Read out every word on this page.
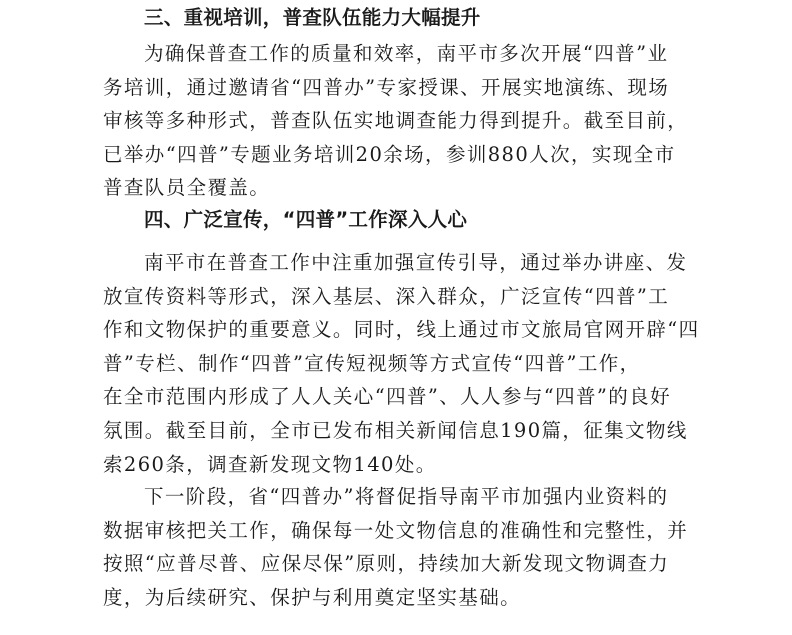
三、重视培训，普查队伍能力大幅提升
为确保普查工作的质量和效率，南平市多次开展“四普”业
务培训，通过邀请省“四普办”专家授课、开展实地演练、现场
审核等多种形式，普查队伍实地调查能力得到提升。截至目前，
已举办“四普”专题业务培训20余场，参训880人次，实现全市
普查队员全覆盖。
四、广泛宣传，“四普”工作深入人心
南平市在普查工作中注重加强宣传引导，通过举办讲座、发
放宣传资料等形式，深入基层、深入群众，广泛宣传“四普”工
作和文物保护的重要意义。同时，线上通过市文旅局官网开辟“四
普”专栏、制作“四普”宣传短视频等方式宣传“四普”工作，
在全市范围内形成了人人关心“四普”、人人参与“四普”的良好
氛围。截至目前，全市已发布相关新闻信息190篇，征集文物线
索260条，调查新发现文物140处。
下一阶段，省“四普办”将督促指导南平市加强内业资料的
数据审核把关工作，确保每一处文物信息的准确性和完整性，并
按照“应普尽普、应保尽保”原则，持续加大新发现文物调查力
度，为后续研究、保护与利用奠定坚实基础。
